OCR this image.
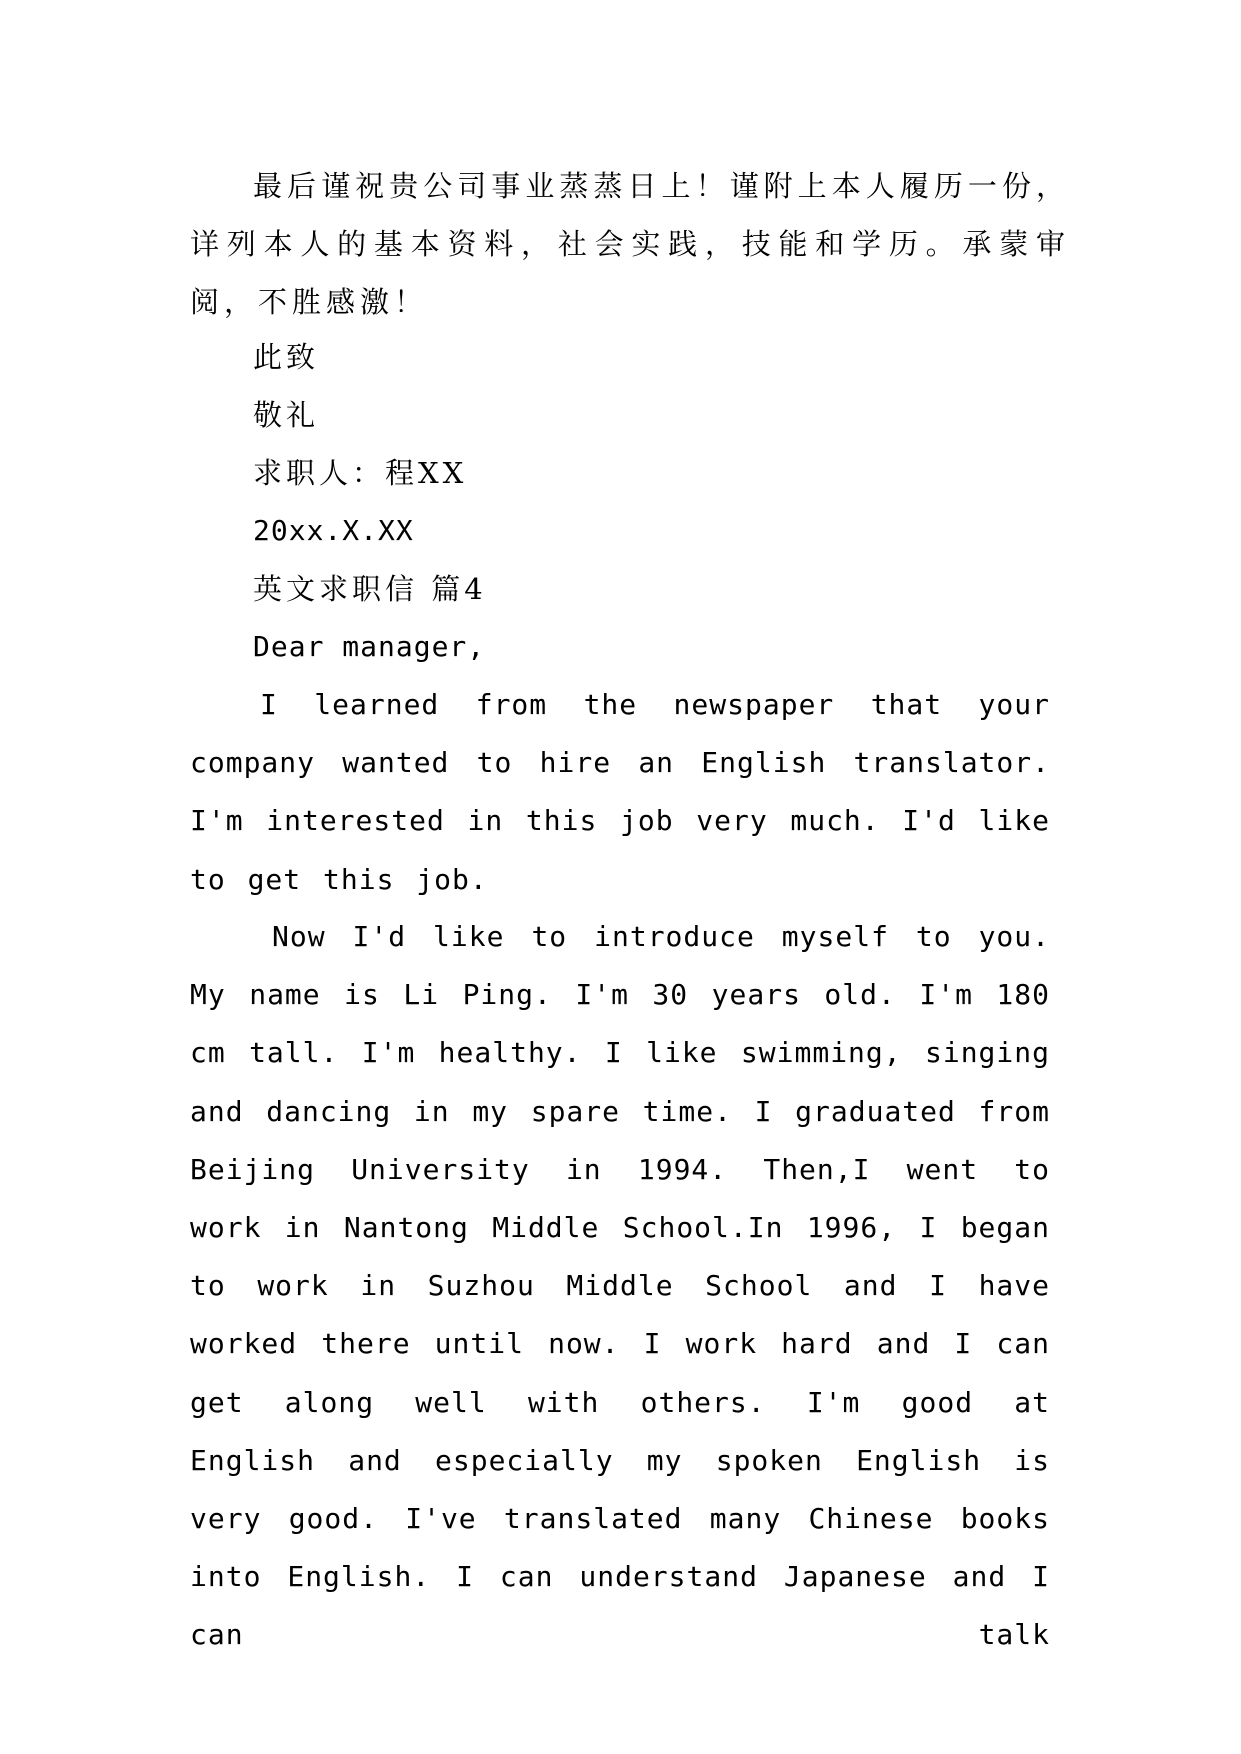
最后谨祝贵公司事业蒸蒸日上！谨附上本人履历一份，详列本人的基本资料，社会实践，技能和学历。承蒙审阅，不胜感激！
此致
敬礼
求职人：程XX
20xx.X.XX
英文求职信 篇4
Dear manager,
I learned from the newspaper that your company wanted to hire an English translator. I'm interested in this job very much. I'd like to get this job.
Now I'd like to introduce myself to you. My name is Li Ping. I'm 30 years old. I'm 180 cm tall. I'm healthy. I like swimming, singing and dancing in my spare time. I graduated from Beijing University in 1994. Then,I went to work in Nantong Middle School.In 1996, I began to work in Suzhou Middle School and I have worked there until now. I work hard and I can get along well with others. I'm good at English and especially my spoken English is very good. I've translated many Chinese books into English. I can understand Japanese and I can talk
